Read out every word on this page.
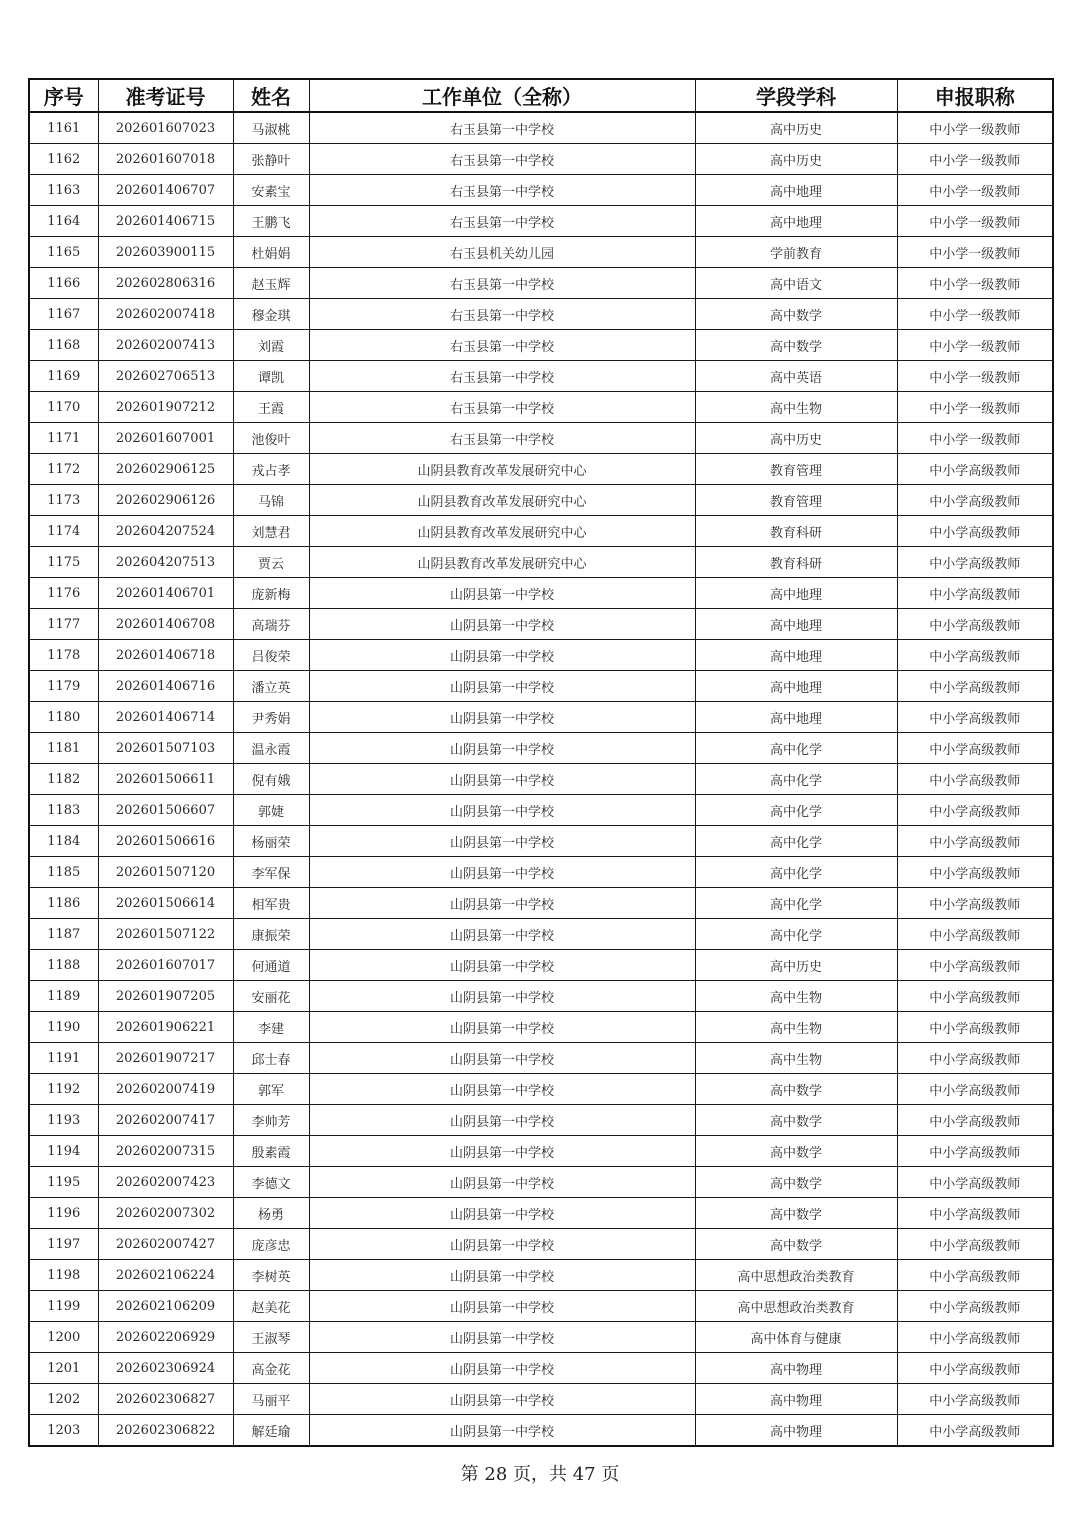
序号	准考证号	姓名	工作单位（全称）	学段学科	申报职称
1161	202601607023	马淑桃	右玉县第一中学校	高中历史	中小学一级教师
1162	202601607018	张静叶	右玉县第一中学校	高中历史	中小学一级教师
1163	202601406707	安素宝	右玉县第一中学校	高中地理	中小学一级教师
1164	202601406715	王鹏飞	右玉县第一中学校	高中地理	中小学一级教师
1165	202603900115	杜娟娟	右玉县机关幼儿园	学前教育	中小学一级教师
1166	202602806316	赵玉辉	右玉县第一中学校	高中语文	中小学一级教师
1167	202602007418	穆金琪	右玉县第一中学校	高中数学	中小学一级教师
1168	202602007413	刘霞	右玉县第一中学校	高中数学	中小学一级教师
1169	202602706513	谭凯	右玉县第一中学校	高中英语	中小学一级教师
1170	202601907212	王霞	右玉县第一中学校	高中生物	中小学一级教师
1171	202601607001	池俊叶	右玉县第一中学校	高中历史	中小学一级教师
1172	202602906125	戎占孝	山阴县教育改革发展研究中心	教育管理	中小学高级教师
1173	202602906126	马锦	山阴县教育改革发展研究中心	教育管理	中小学高级教师
1174	202604207524	刘慧君	山阴县教育改革发展研究中心	教育科研	中小学高级教师
1175	202604207513	贾云	山阴县教育改革发展研究中心	教育科研	中小学高级教师
1176	202601406701	庞新梅	山阴县第一中学校	高中地理	中小学高级教师
1177	202601406708	高瑞芬	山阴县第一中学校	高中地理	中小学高级教师
1178	202601406718	吕俊荣	山阴县第一中学校	高中地理	中小学高级教师
1179	202601406716	潘立英	山阴县第一中学校	高中地理	中小学高级教师
1180	202601406714	尹秀娟	山阴县第一中学校	高中地理	中小学高级教师
1181	202601507103	温永霞	山阴县第一中学校	高中化学	中小学高级教师
1182	202601506611	倪有娥	山阴县第一中学校	高中化学	中小学高级教师
1183	202601506607	郭婕	山阴县第一中学校	高中化学	中小学高级教师
1184	202601506616	杨丽荣	山阴县第一中学校	高中化学	中小学高级教师
1185	202601507120	李军保	山阴县第一中学校	高中化学	中小学高级教师
1186	202601506614	相军贵	山阴县第一中学校	高中化学	中小学高级教师
1187	202601507122	康振荣	山阴县第一中学校	高中化学	中小学高级教师
1188	202601607017	何通道	山阴县第一中学校	高中历史	中小学高级教师
1189	202601907205	安丽花	山阴县第一中学校	高中生物	中小学高级教师
1190	202601906221	李建	山阴县第一中学校	高中生物	中小学高级教师
1191	202601907217	邱士春	山阴县第一中学校	高中生物	中小学高级教师
1192	202602007419	郭军	山阴县第一中学校	高中数学	中小学高级教师
1193	202602007417	李帅芳	山阴县第一中学校	高中数学	中小学高级教师
1194	202602007315	殷素霞	山阴县第一中学校	高中数学	中小学高级教师
1195	202602007423	李德文	山阴县第一中学校	高中数学	中小学高级教师
1196	202602007302	杨勇	山阴县第一中学校	高中数学	中小学高级教师
1197	202602007427	庞彦忠	山阴县第一中学校	高中数学	中小学高级教师
1198	202602106224	李树英	山阴县第一中学校	高中思想政治类教育	中小学高级教师
1199	202602106209	赵美花	山阴县第一中学校	高中思想政治类教育	中小学高级教师
1200	202602206929	王淑琴	山阴县第一中学校	高中体育与健康	中小学高级教师
1201	202602306924	高金花	山阴县第一中学校	高中物理	中小学高级教师
1202	202602306827	马丽平	山阴县第一中学校	高中物理	中小学高级教师
1203	202602306822	解廷瑜	山阴县第一中学校	高中物理	中小学高级教师
第 28 页，共 47 页
